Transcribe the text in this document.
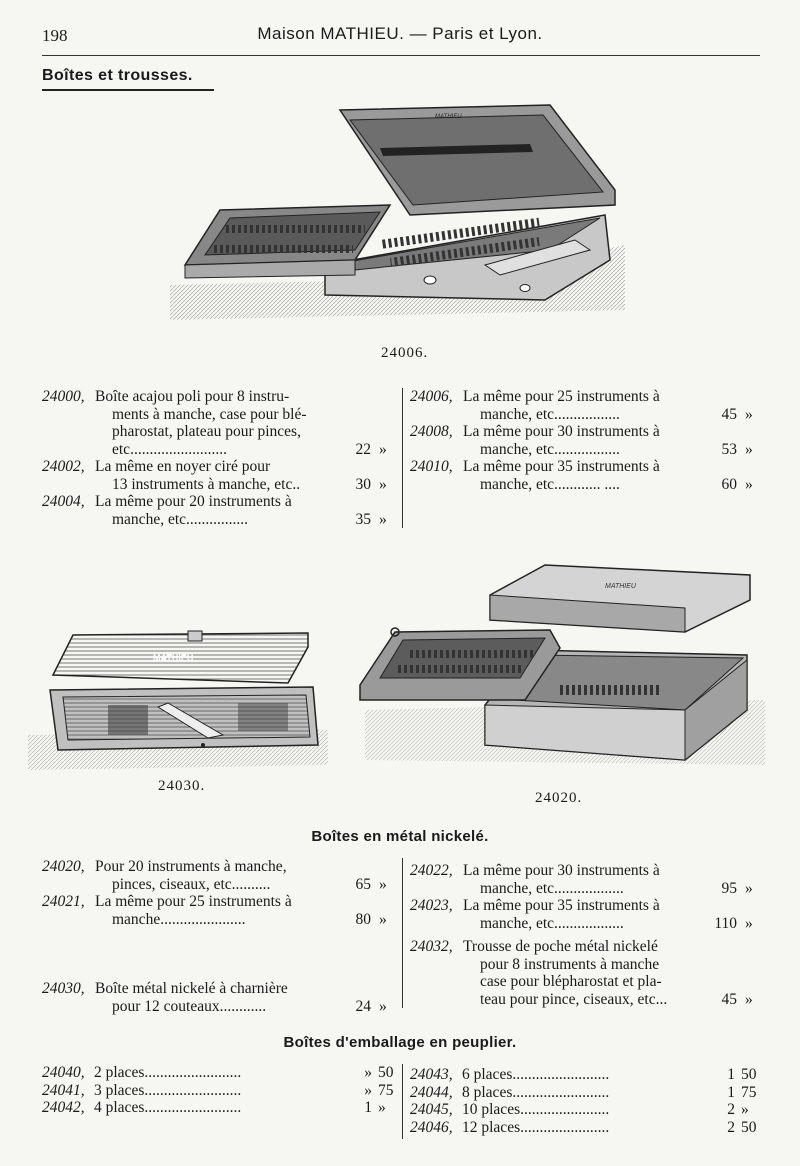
198	Maison MATHIEU. — Paris et Lyon.
Boîtes et trousses.
MATHIEU
24006.
24000, Boîte acajou poli pour 8 instru-
ments à manche, case pour blé-
pharostat, plateau pour pinces,
etc.........................	22 »
24002, La même en noyer ciré pour
13 instruments à manche, etc..	30 »
24004, La même pour 20 instruments à
manche, etc................	35 »
24006, La même pour 25 instruments à
manche, etc.................	45 »
24008, La même pour 30 instruments à
manche, etc.................	53 »
24010, La même pour 35 instruments à
manche, etc............ ....	60 »
MATHIEU
24030.
MATHIEU
24020.
Boîtes en métal nickelé.
24020, Pour 20 instruments à manche,
pinces, ciseaux, etc..........	65 »
24021, La même pour 25 instruments à
manche......................	80 »
24030, Boîte métal nickelé à charnière
pour 12 couteaux............	24 »
24022, La même pour 30 instruments à
manche, etc..................	95 »
24023, La même pour 35 instruments à
manche, etc..................	110 »
24032, Trousse de poche métal nickelé
pour 8 instruments à manche
case pour blépharostat et pla-
teau pour pince, ciseaux, etc...	45 »
Boîtes d'emballage en peuplier.
24040, 2 places.........................	» 50
24041, 3 places.........................	» 75
24042, 4 places.........................	1 »
24043, 6 places.........................	1 50
24044, 8 places.........................	1 75
24045, 10 places.......................	2 »
24046, 12 places.......................	2 50
